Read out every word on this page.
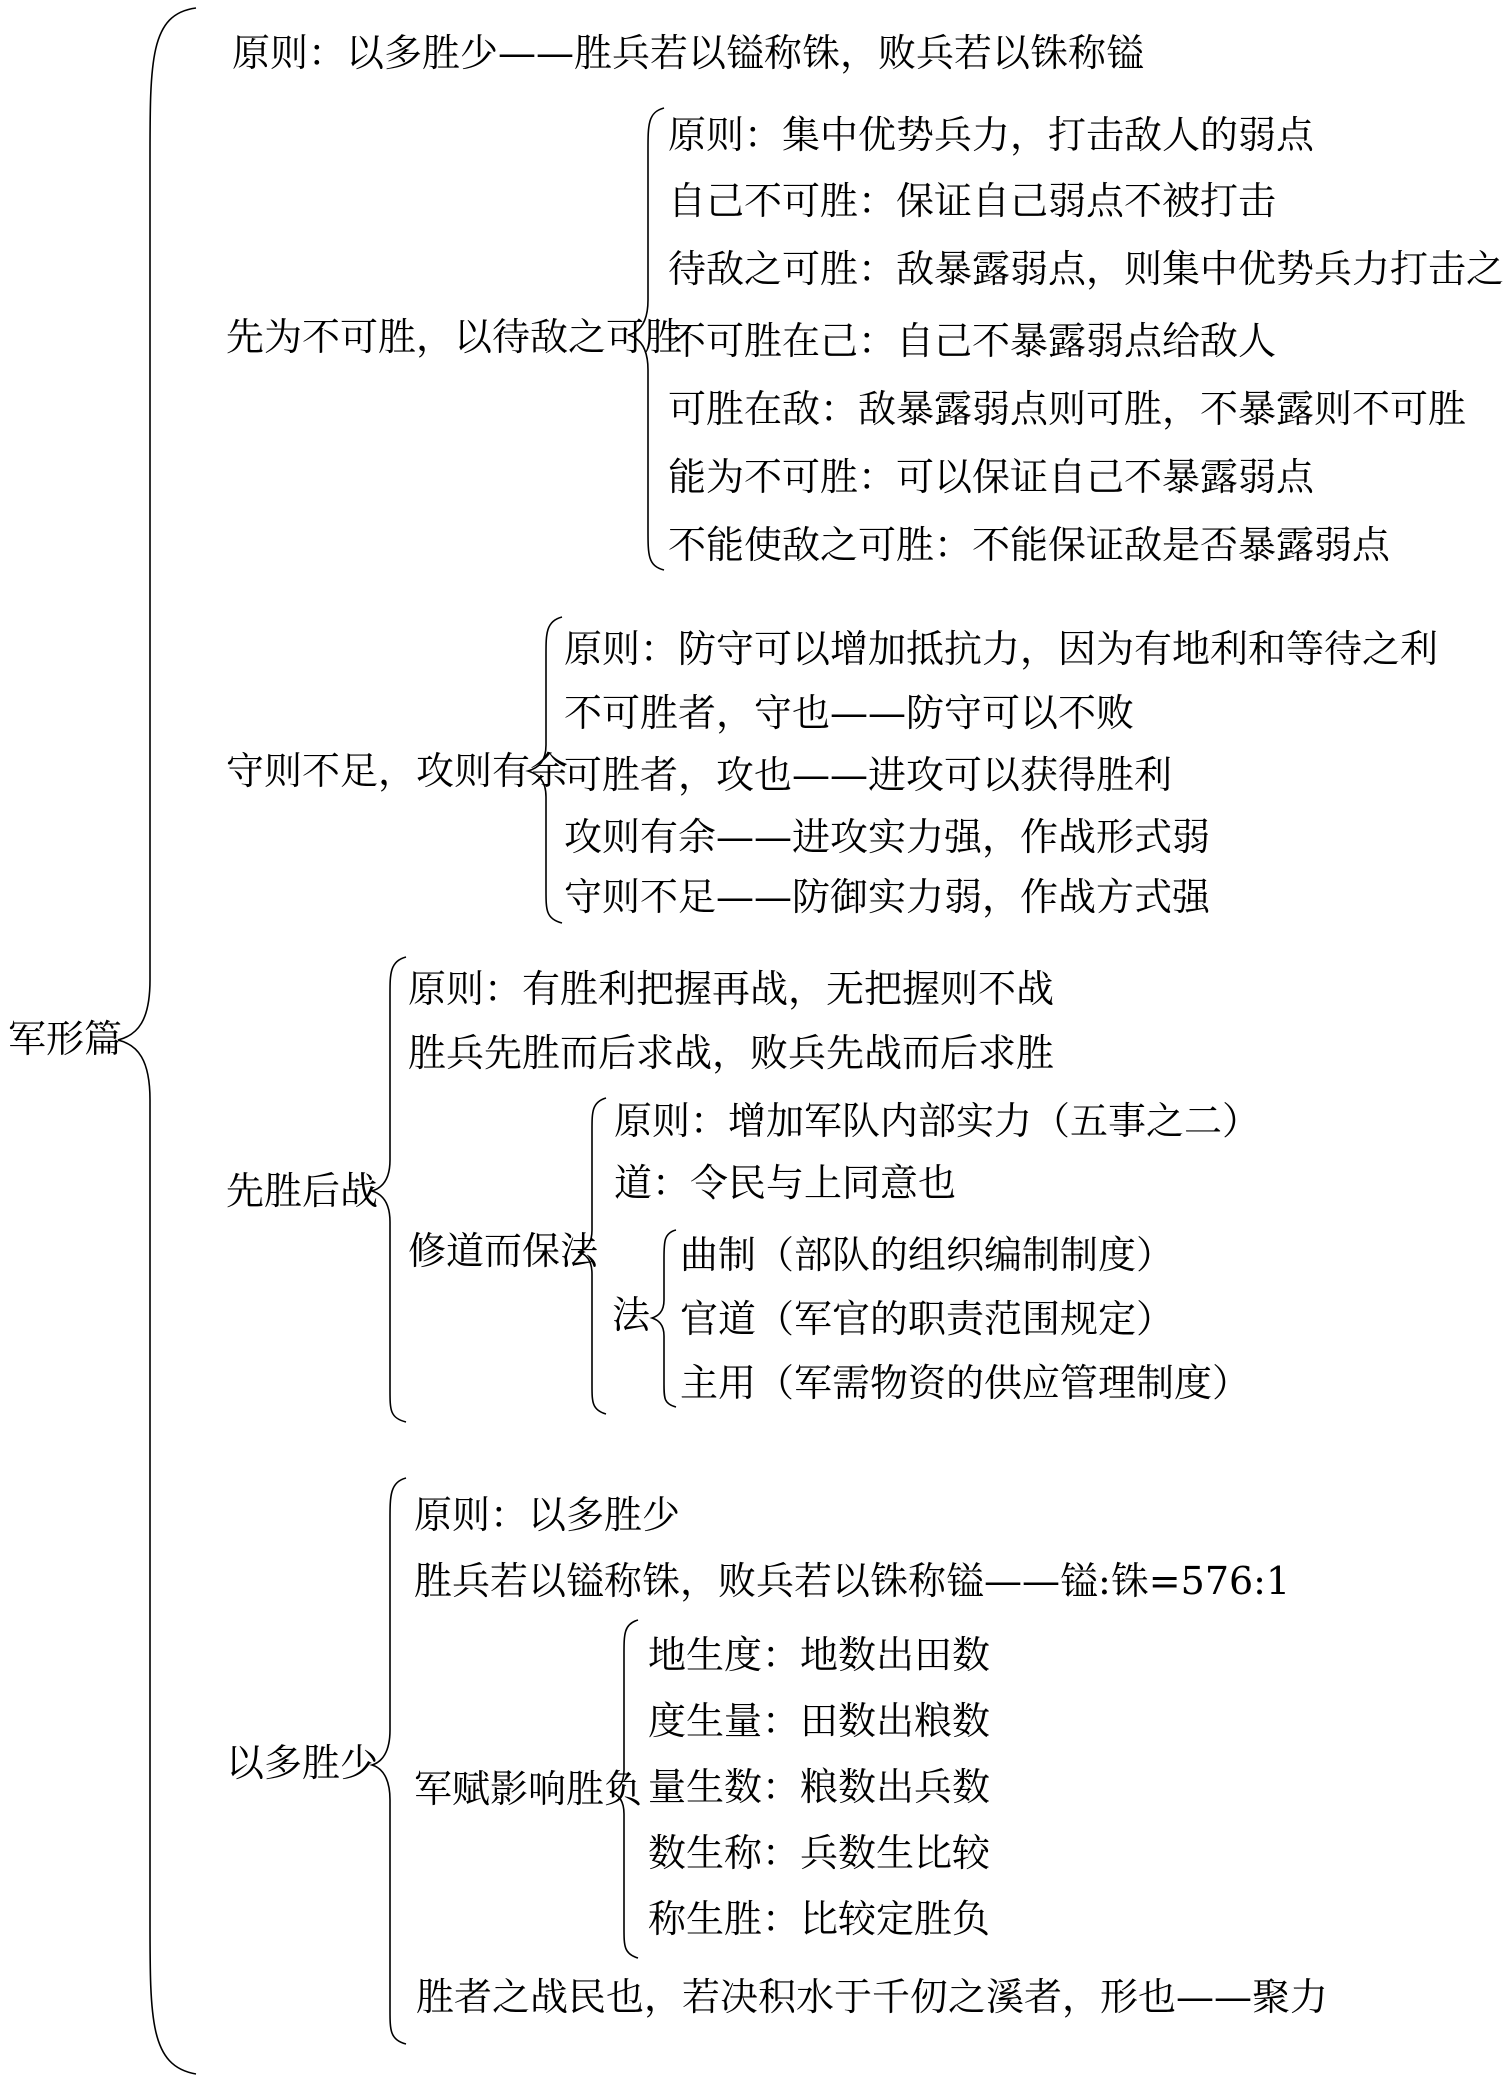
军形篇
原则：以多胜少——胜兵若以镒称铢，败兵若以铢称镒
先为不可胜，以待敌之可胜
原则：集中优势兵力，打击敌人的弱点
自己不可胜：保证自己弱点不被打击
待敌之可胜：敌暴露弱点，则集中优势兵力打击之
不可胜在己：自己不暴露弱点给敌人
可胜在敌：敌暴露弱点则可胜，不暴露则不可胜
能为不可胜：可以保证自己不暴露弱点
不能使敌之可胜：不能保证敌是否暴露弱点
守则不足，攻则有余
原则：防守可以增加抵抗力，因为有地利和等待之利
不可胜者，守也——防守可以不败
可胜者，攻也——进攻可以获得胜利
攻则有余——进攻实力强，作战形式弱
守则不足——防御实力弱，作战方式强
先胜后战
原则：有胜利把握再战，无把握则不战
胜兵先胜而后求战，败兵先战而后求胜
修道而保法
原则：增加军队内部实力（五事之二）
道：令民与上同意也
法
曲制（部队的组织编制制度）
官道（军官的职责范围规定）
主用（军需物资的供应管理制度）
以多胜少
原则：以多胜少
胜兵若以镒称铢，败兵若以铢称镒——镒:铢=576:1
军赋影响胜负
地生度：地数出田数
度生量：田数出粮数
量生数：粮数出兵数
数生称：兵数生比较
称生胜：比较定胜负
胜者之战民也，若决积水于千仞之溪者，形也——聚力
